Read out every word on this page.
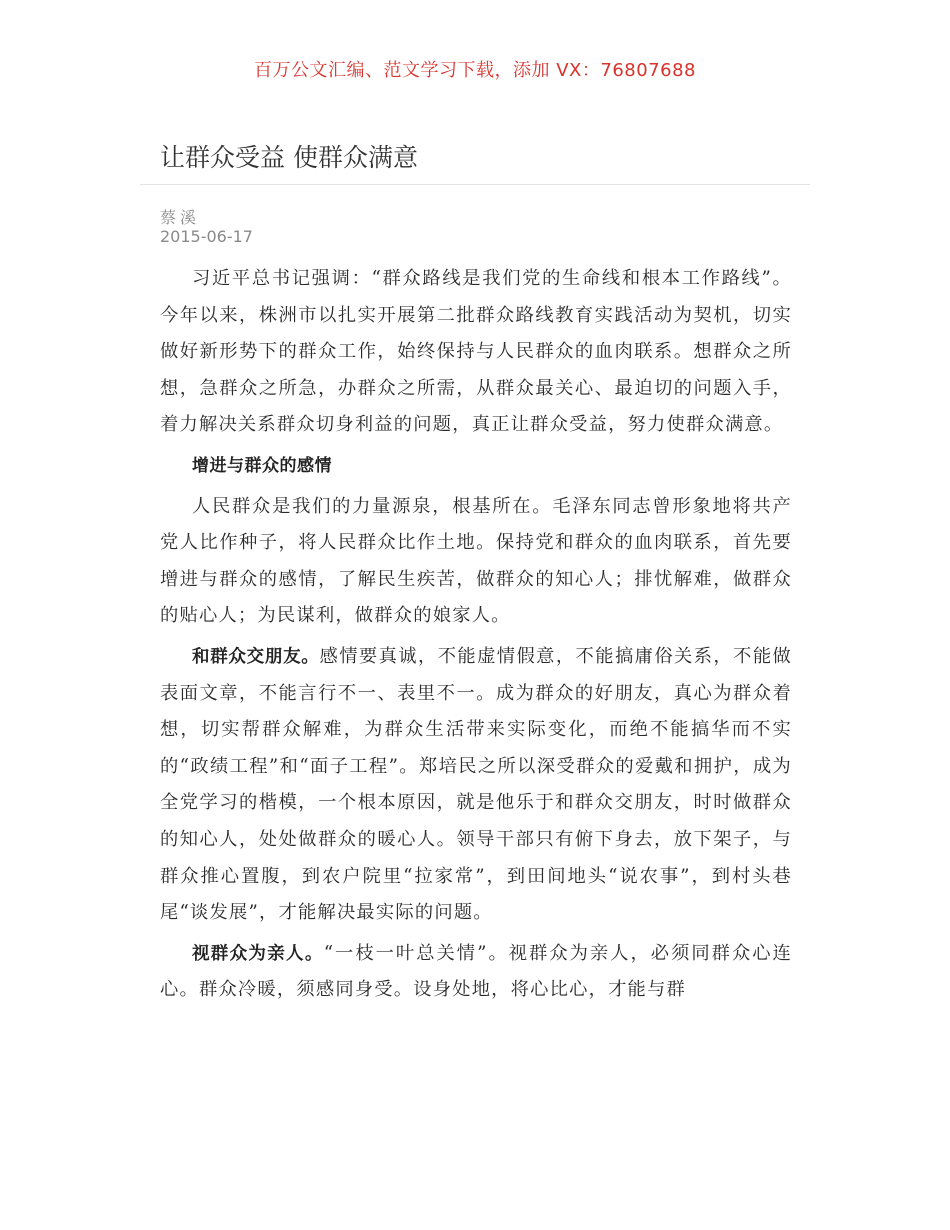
百万公文汇编、范文学习下载，添加 VX：76807688
让群众受益 使群众满意
蔡溪
2015-06-17

习近平总书记强调：“群众路线是我们党的生命线和根本工作路线”。今年以来，株洲市以扎实开展第二批群众路线教育实践活动为契机，切实做好新形势下的群众工作，始终保持与人民群众的血肉联系。想群众之所想，急群众之所急，办群众之所需，从群众最关心、最迫切的问题入手，着力解决关系群众切身利益的问题，真正让群众受益，努力使群众满意。

增进与群众的感情

人民群众是我们的力量源泉，根基所在。毛泽东同志曾形象地将共产党人比作种子，将人民群众比作土地。保持党和群众的血肉联系，首先要增进与群众的感情，了解民生疾苦，做群众的知心人；排忧解难，做群众的贴心人；为民谋利，做群众的娘家人。

和群众交朋友。感情要真诚，不能虚情假意，不能搞庸俗关系，不能做表面文章，不能言行不一、表里不一。成为群众的好朋友，真心为群众着想，切实帮群众解难，为群众生活带来实际变化，而绝不能搞华而不实的“政绩工程”和“面子工程”。郑培民之所以深受群众的爱戴和拥护，成为全党学习的楷模，一个根本原因，就是他乐于和群众交朋友，时时做群众的知心人，处处做群众的暖心人。领导干部只有俯下身去，放下架子，与群众推心置腹，到农户院里“拉家常”，到田间地头“说农事”，到村头巷尾“谈发展”，才能解决最实际的问题。

视群众为亲人。“一枝一叶总关情”。视群众为亲人，必须同群众心连心。群众冷暖，须感同身受。设身处地，将心比心，才能与群
